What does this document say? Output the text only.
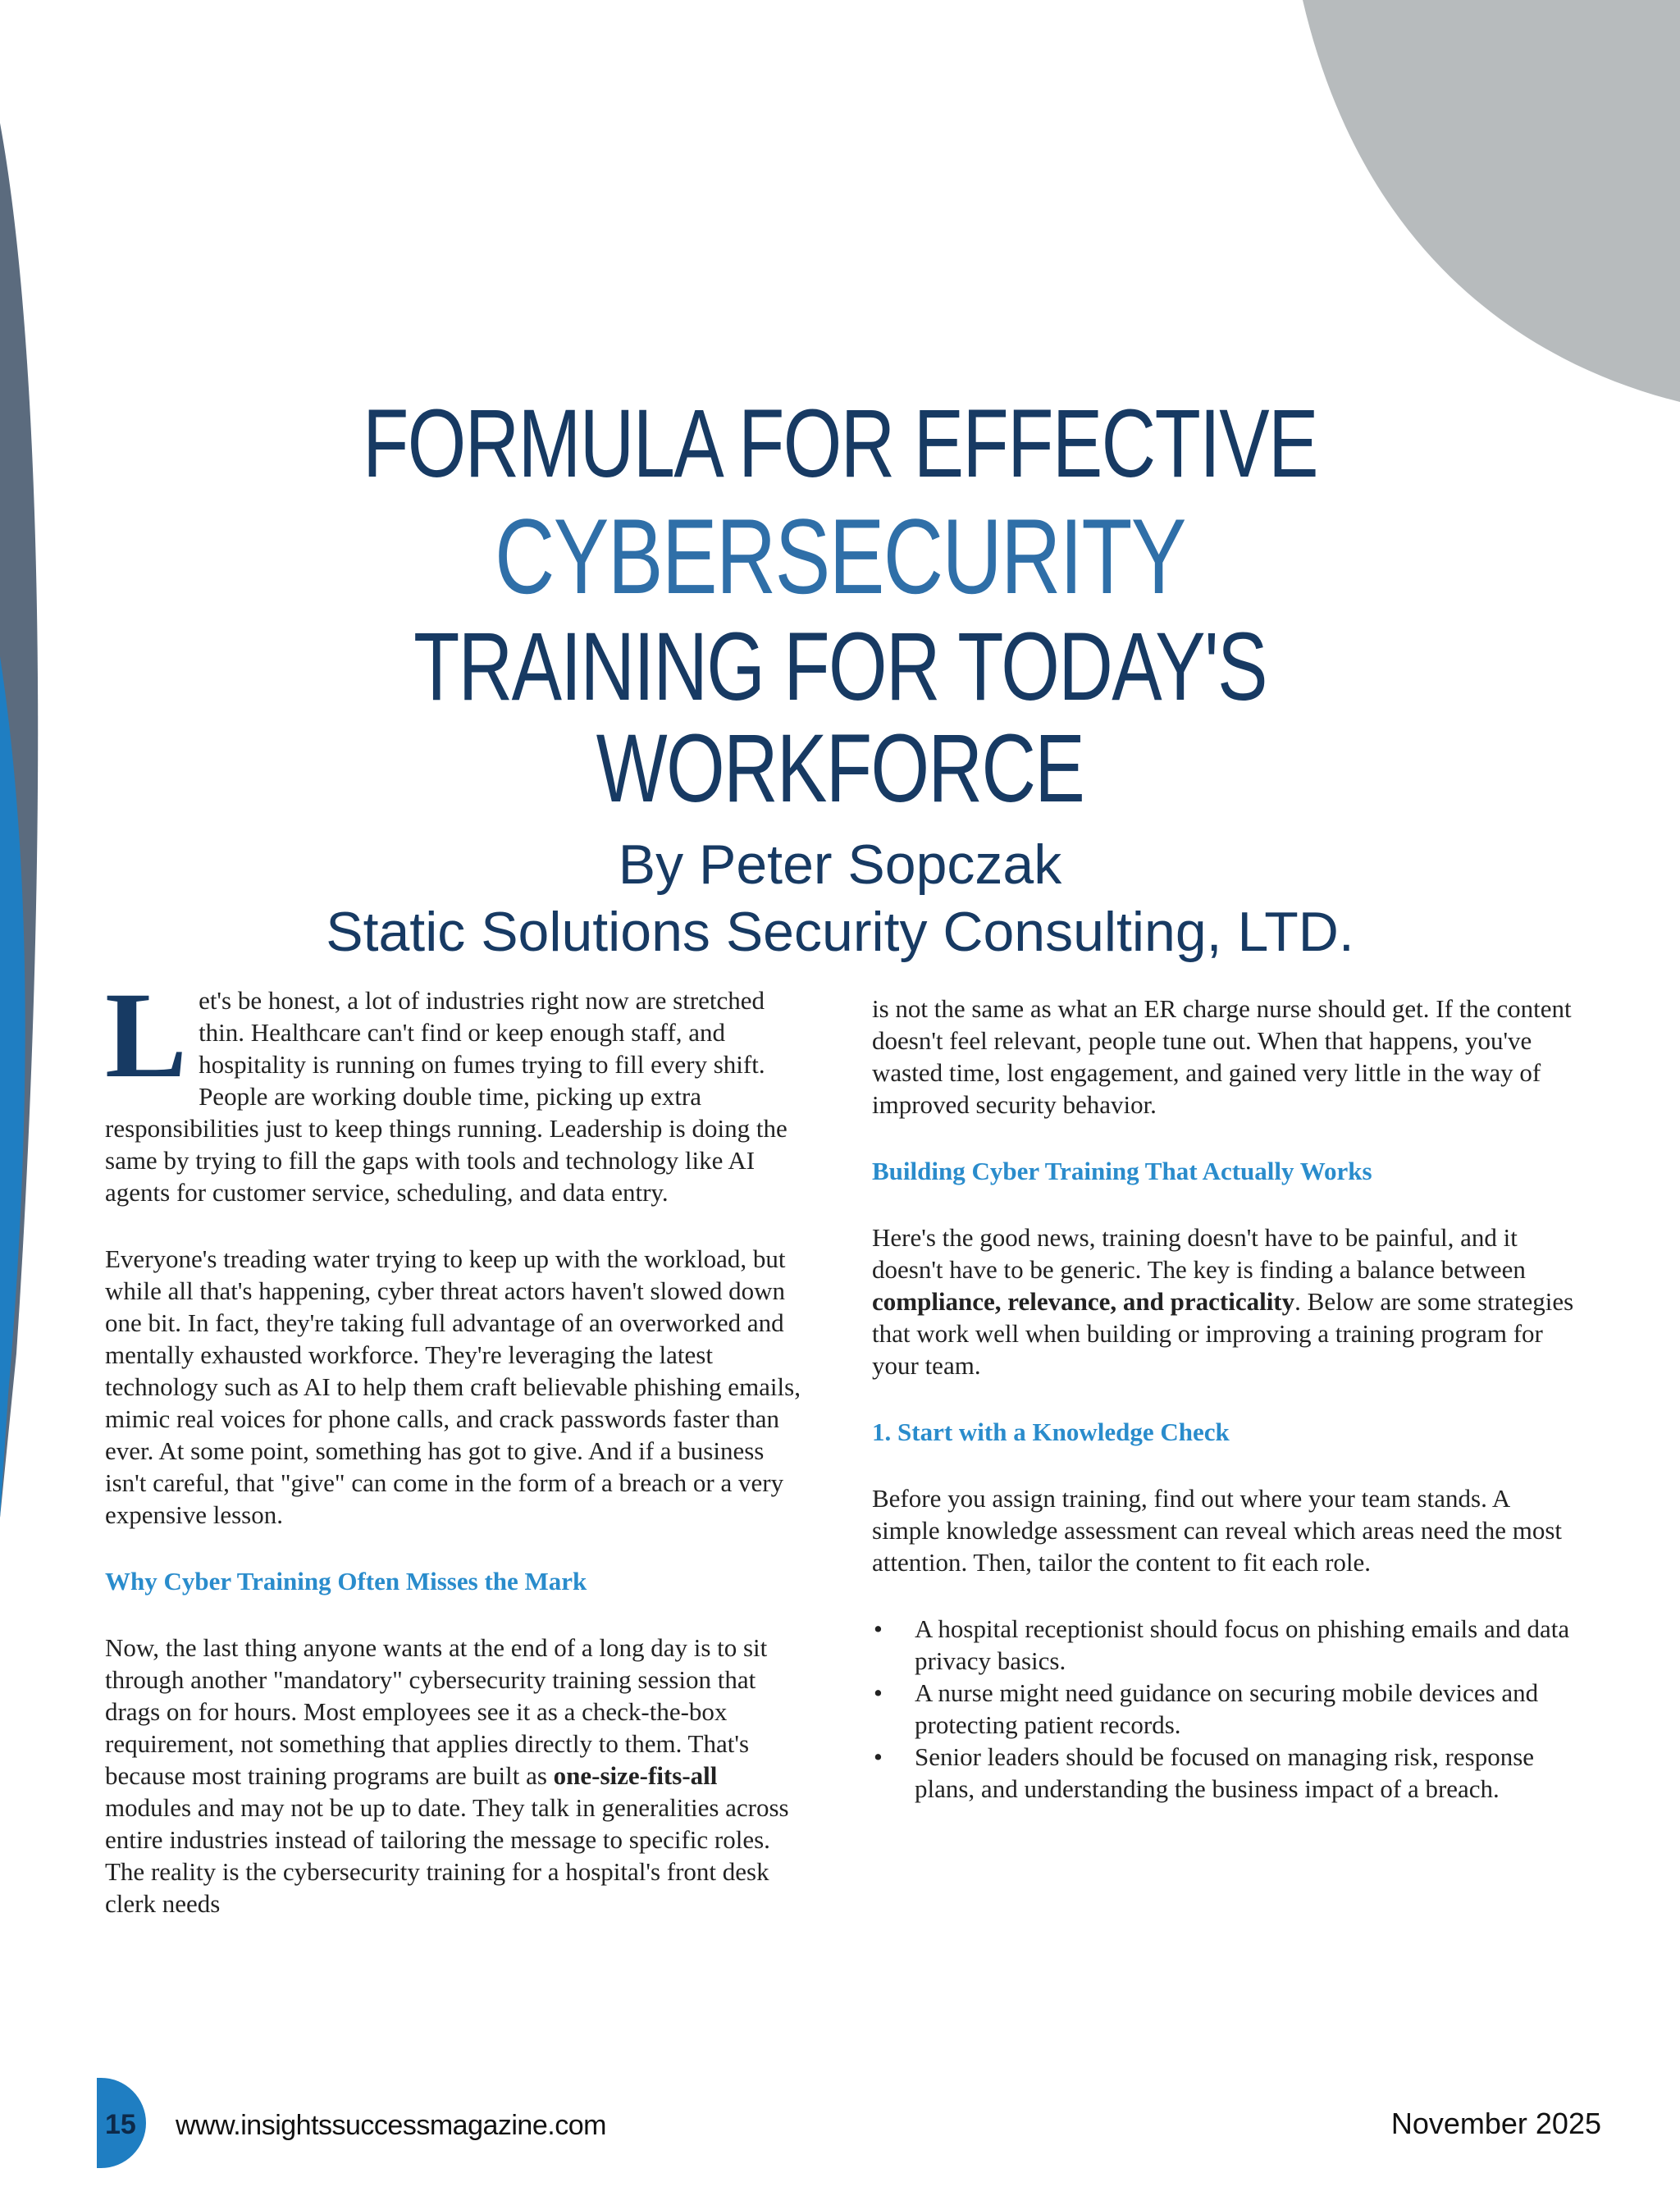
FORMULA FOR EFFECTIVE
CYBERSECURITY
TRAINING FOR TODAY'S WORKFORCE
By Peter Sopczak
Static Solutions Security Consulting, LTD.

Let's be honest, a lot of industries right now are stretched thin. Healthcare can't find or keep enough staff, and hospitality is running on fumes trying to fill every shift. People are working double time, picking up extra responsibilities just to keep things running. Leadership is doing the same by trying to fill the gaps with tools and technology like AI agents for customer service, scheduling, and data entry.

Everyone's treading water trying to keep up with the workload, but while all that's happening, cyber threat actors haven't slowed down one bit. In fact, they're taking full advantage of an overworked and mentally exhausted workforce. They're leveraging the latest technology such as AI to help them craft believable phishing emails, mimic real voices for phone calls, and crack passwords faster than ever. At some point, something has got to give. And if a business isn't careful, that "give" can come in the form of a breach or a very expensive lesson.

Why Cyber Training Often Misses the Mark

Now, the last thing anyone wants at the end of a long day is to sit through another "mandatory" cybersecurity training session that drags on for hours. Most employees see it as a check-the-box requirement, not something that applies directly to them. That's because most training programs are built as one-size-fits-all modules and may not be up to date. They talk in generalities across entire industries instead of tailoring the message to specific roles. The reality is the cybersecurity training for a hospital's front desk clerk needs

is not the same as what an ER charge nurse should get. If the content doesn't feel relevant, people tune out. When that happens, you've wasted time, lost engagement, and gained very little in the way of improved security behavior.

Building Cyber Training That Actually Works

Here's the good news, training doesn't have to be painful, and it doesn't have to be generic. The key is finding a balance between compliance, relevance, and practicality. Below are some strategies that work well when building or improving a training program for your team.

1. Start with a Knowledge Check

Before you assign training, find out where your team stands. A simple knowledge assessment can reveal which areas need the most attention. Then, tailor the content to fit each role.

• A hospital receptionist should focus on phishing emails and data privacy basics.
• A nurse might need guidance on securing mobile devices and protecting patient records.
• Senior leaders should be focused on managing risk, response plans, and understanding the business impact of a breach.
15 www.insightssuccessmagazine.com	November 2025
